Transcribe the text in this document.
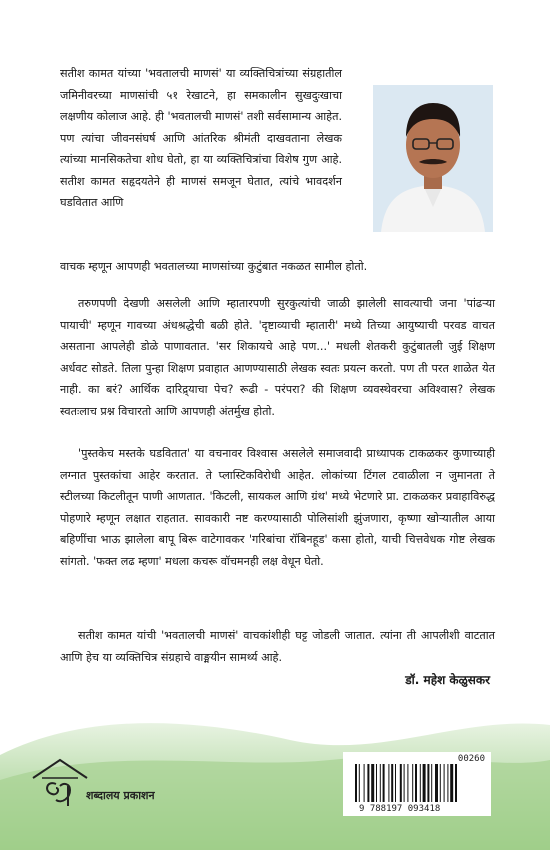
सतीश कामत यांच्या 'भवतालची माणसं' या व्यक्तिचित्रांच्या संग्रहातील जमिनीवरच्या माणसांची ५१ रेखाटने, हा समकालीन सुखदुःखाचा लक्षणीय कोलाज आहे. ही 'भवतालची माणसं' तशी सर्वसामान्य आहेत. पण त्यांचा जीवनसंघर्ष आणि आंतरिक श्रीमंती दाखवताना लेखक त्यांच्या मानसिकतेचा शोध घेतो, हा या व्यक्तिचित्रांचा विशेष गुण आहे. सतीश कामत सहृदयतेने ही माणसं समजून घेतात, त्यांचे भावदर्शन घडवितात आणि

वाचक म्हणून आपणही भवतालच्या माणसांच्या कुटुंबात नकळत सामील होतो.

तरुणपणी देखणी असलेली आणि म्हातारपणी सुरकुत्यांची जाळी झालेली सावत्याची जना 'पांढऱ्या पायाची' म्हणून गावच्या अंधश्रद्धेची बळी होते. 'दृष्टाव्याची म्हातारी' मध्ये तिच्या आयुष्याची परवड वाचत असताना आपलेही डोळे पाणावतात. 'सर शिकायचे आहे पण...' मधली शेतकरी कुटुंबातली जुई शिक्षण अर्धवट सोडते. तिला पुन्हा शिक्षण प्रवाहात आणण्यासाठी लेखक स्वतः प्रयत्न करतो. पण ती परत शाळेत येत नाही. का बरं? आर्थिक दारिद्र्याचा पेच? रूढी - परंपरा? की शिक्षण व्यवस्थेवरचा अविश्वास? लेखक स्वतःलाच प्रश्न विचारतो आणि आपणही अंतर्मुख होतो.

'पुस्तकेच मस्तके घडवितात' या वचनावर विश्वास असलेले समाजवादी प्राध्यापक टाकळकर कुणाच्याही लग्नात पुस्तकांचा आहेर करतात. ते प्लास्टिकविरोधी आहेत. लोकांच्या टिंगल टवाळीला न जुमानता ते स्टीलच्या किटलीतून पाणी आणतात. 'किटली, सायकल आणि ग्रंथ' मध्ये भेटणारे प्रा. टाकळकर प्रवाहाविरुद्ध पोहणारे म्हणून लक्षात राहतात. सावकारी नष्ट करण्यासाठी पोलिसांशी झुंजणारा, कृष्णा खोऱ्यातील आया बहिणींचा भाऊ झालेला बापू बिरू वाटेगावकर 'गरिबांचा रॉबिनहूड' कसा होतो, याची चित्तवेधक गोष्ट लेखक सांगतो. 'फक्त लढ म्हणा' मधला कचरू वॉचमनही लक्ष वेधून घेतो.

सतीश कामत यांची 'भवतालची माणसं' वाचकांशीही घट्ट जोडली जातात. त्यांना ती आपलीशी वाटतात आणि हेच या व्यक्तिचित्र संग्रहाचे वाङ्मयीन सामर्थ्य आहे.

डॉ. महेश केळुसकर
शब्दालय प्रकाशन
00260
9 788197 093418
